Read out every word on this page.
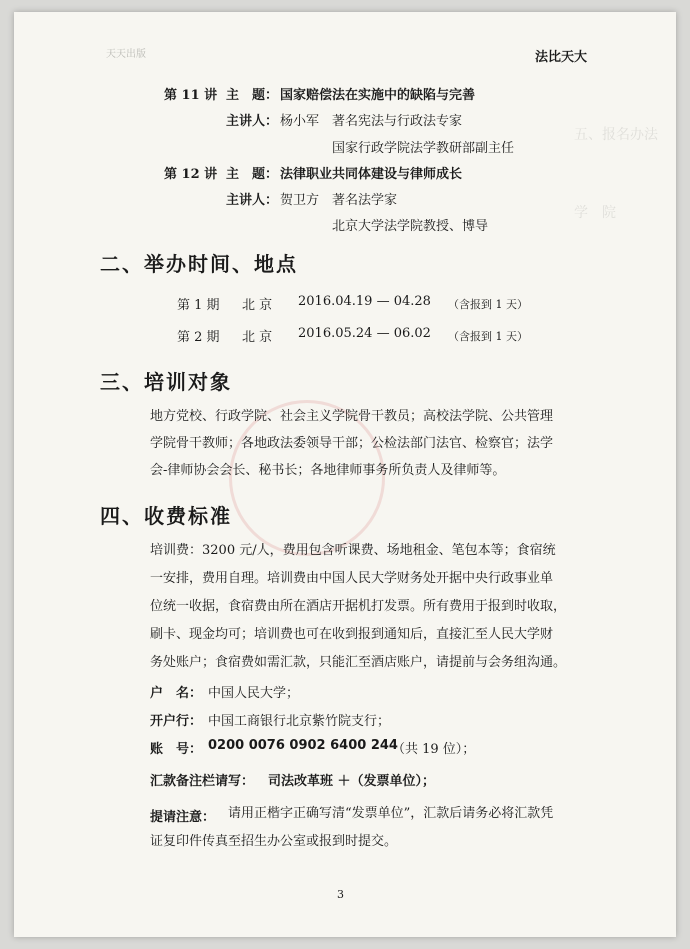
五、报名办法
学　院
天天出版	法比天大
第 11 讲 主　题： 国家赔偿法在实施中的缺陷与完善
主讲人： 杨小军 著名宪法与行政法专家
国家行政学院法学教研部副主任
第 12 讲 主　题： 法律职业共同体建设与律师成长
主讲人： 贺卫方 著名法学家
北京大学法学院教授、博导
二、举办时间、地点
第 1 期 北 京 2016.04.19 — 04.28 （含报到 1 天）
第 2 期 北 京 2016.05.24 — 06.02 （含报到 1 天）
三、培训对象
地方党校、行政学院、社会主义学院骨干教员；高校法学院、公共管理
学院骨干教师；各地政法委领导干部；公检法部门法官、检察官；法学
会-律师协会会长、秘书长；各地律师事务所负责人及律师等。
四、收费标准
培训费：3200 元/人，费用包含听课费、场地租金、笔包本等；食宿统
一安排，费用自理。培训费由中国人民大学财务处开据中央行政事业单
位统一收据，食宿费由所在酒店开据机打发票。所有费用于报到时收取，
刷卡、现金均可；培训费也可在收到报到通知后，直接汇至人民大学财
务处账户；食宿费如需汇款，只能汇至酒店账户，请提前与会务组沟通。
户　名： 中国人民大学；
开户行： 中国工商银行北京紫竹院支行；
账　号： 0200 0076 0902 6400 244
（共 19 位）；
汇款备注栏请写： 司法改革班 ＋（发票单位）；
提请注意： 请用正楷字正确写清“发票单位”，汇款后请务必将汇款凭
证复印件传真至招生办公室或报到时提交。
3
